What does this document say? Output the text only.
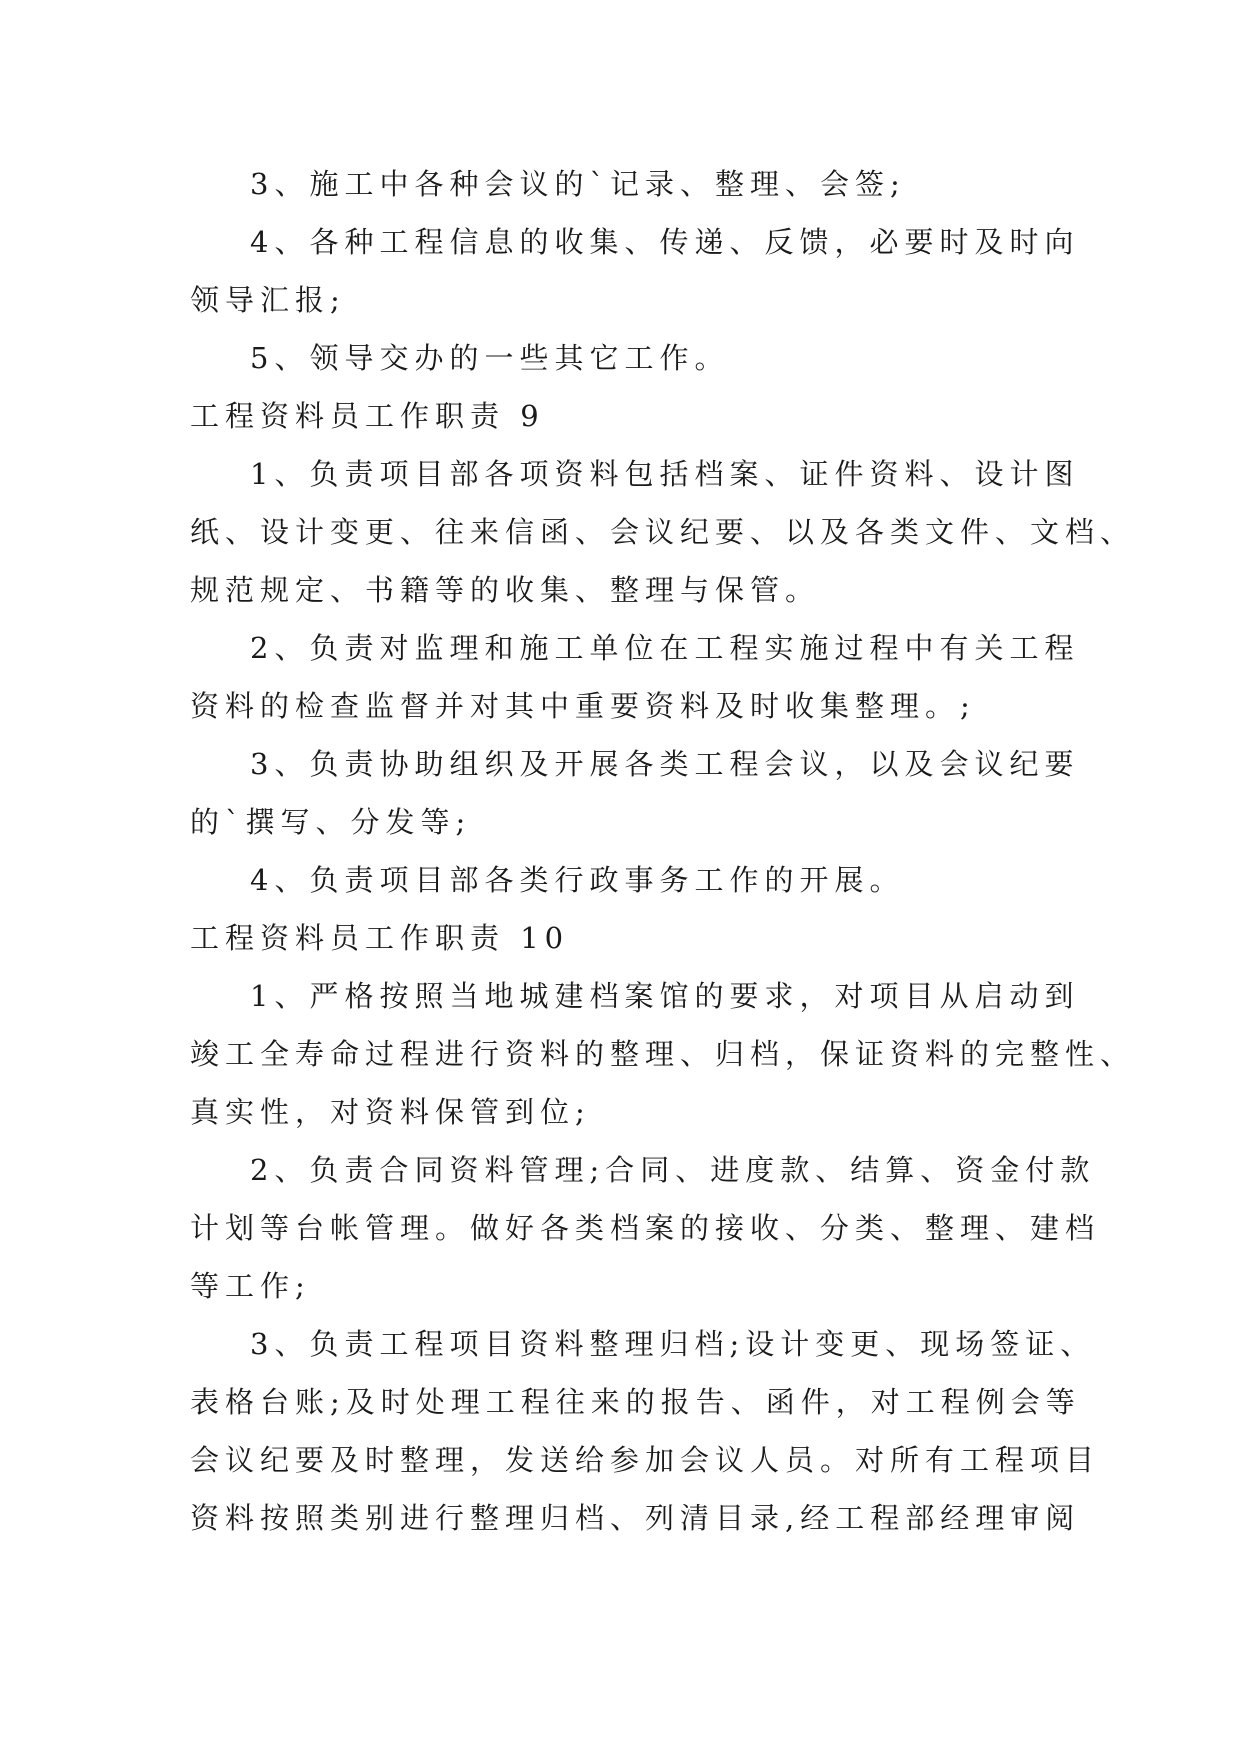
3、施工中各种会议的`记录、整理、会签;
4、各种工程信息的收集、传递、反馈，必要时及时向
领导汇报;
5、领导交办的一些其它工作。
工程资料员工作职责 9
1、负责项目部各项资料包括档案、证件资料、设计图
纸、设计变更、往来信函、会议纪要、以及各类文件、文档、
规范规定、书籍等的收集、整理与保管。
2、负责对监理和施工单位在工程实施过程中有关工程
资料的检查监督并对其中重要资料及时收集整理。;
3、负责协助组织及开展各类工程会议，以及会议纪要
的`撰写、分发等;
4、负责项目部各类行政事务工作的开展。
工程资料员工作职责 10
1、严格按照当地城建档案馆的要求，对项目从启动到
竣工全寿命过程进行资料的整理、归档，保证资料的完整性、
真实性，对资料保管到位;
2、负责合同资料管理;合同、进度款、结算、资金付款
计划等台帐管理。做好各类档案的接收、分类、整理、建档
等工作;
3、负责工程项目资料整理归档;设计变更、现场签证、
表格台账;及时处理工程往来的报告、函件，对工程例会等
会议纪要及时整理，发送给参加会议人员。对所有工程项目
资料按照类别进行整理归档、列清目录,经工程部经理审阅
